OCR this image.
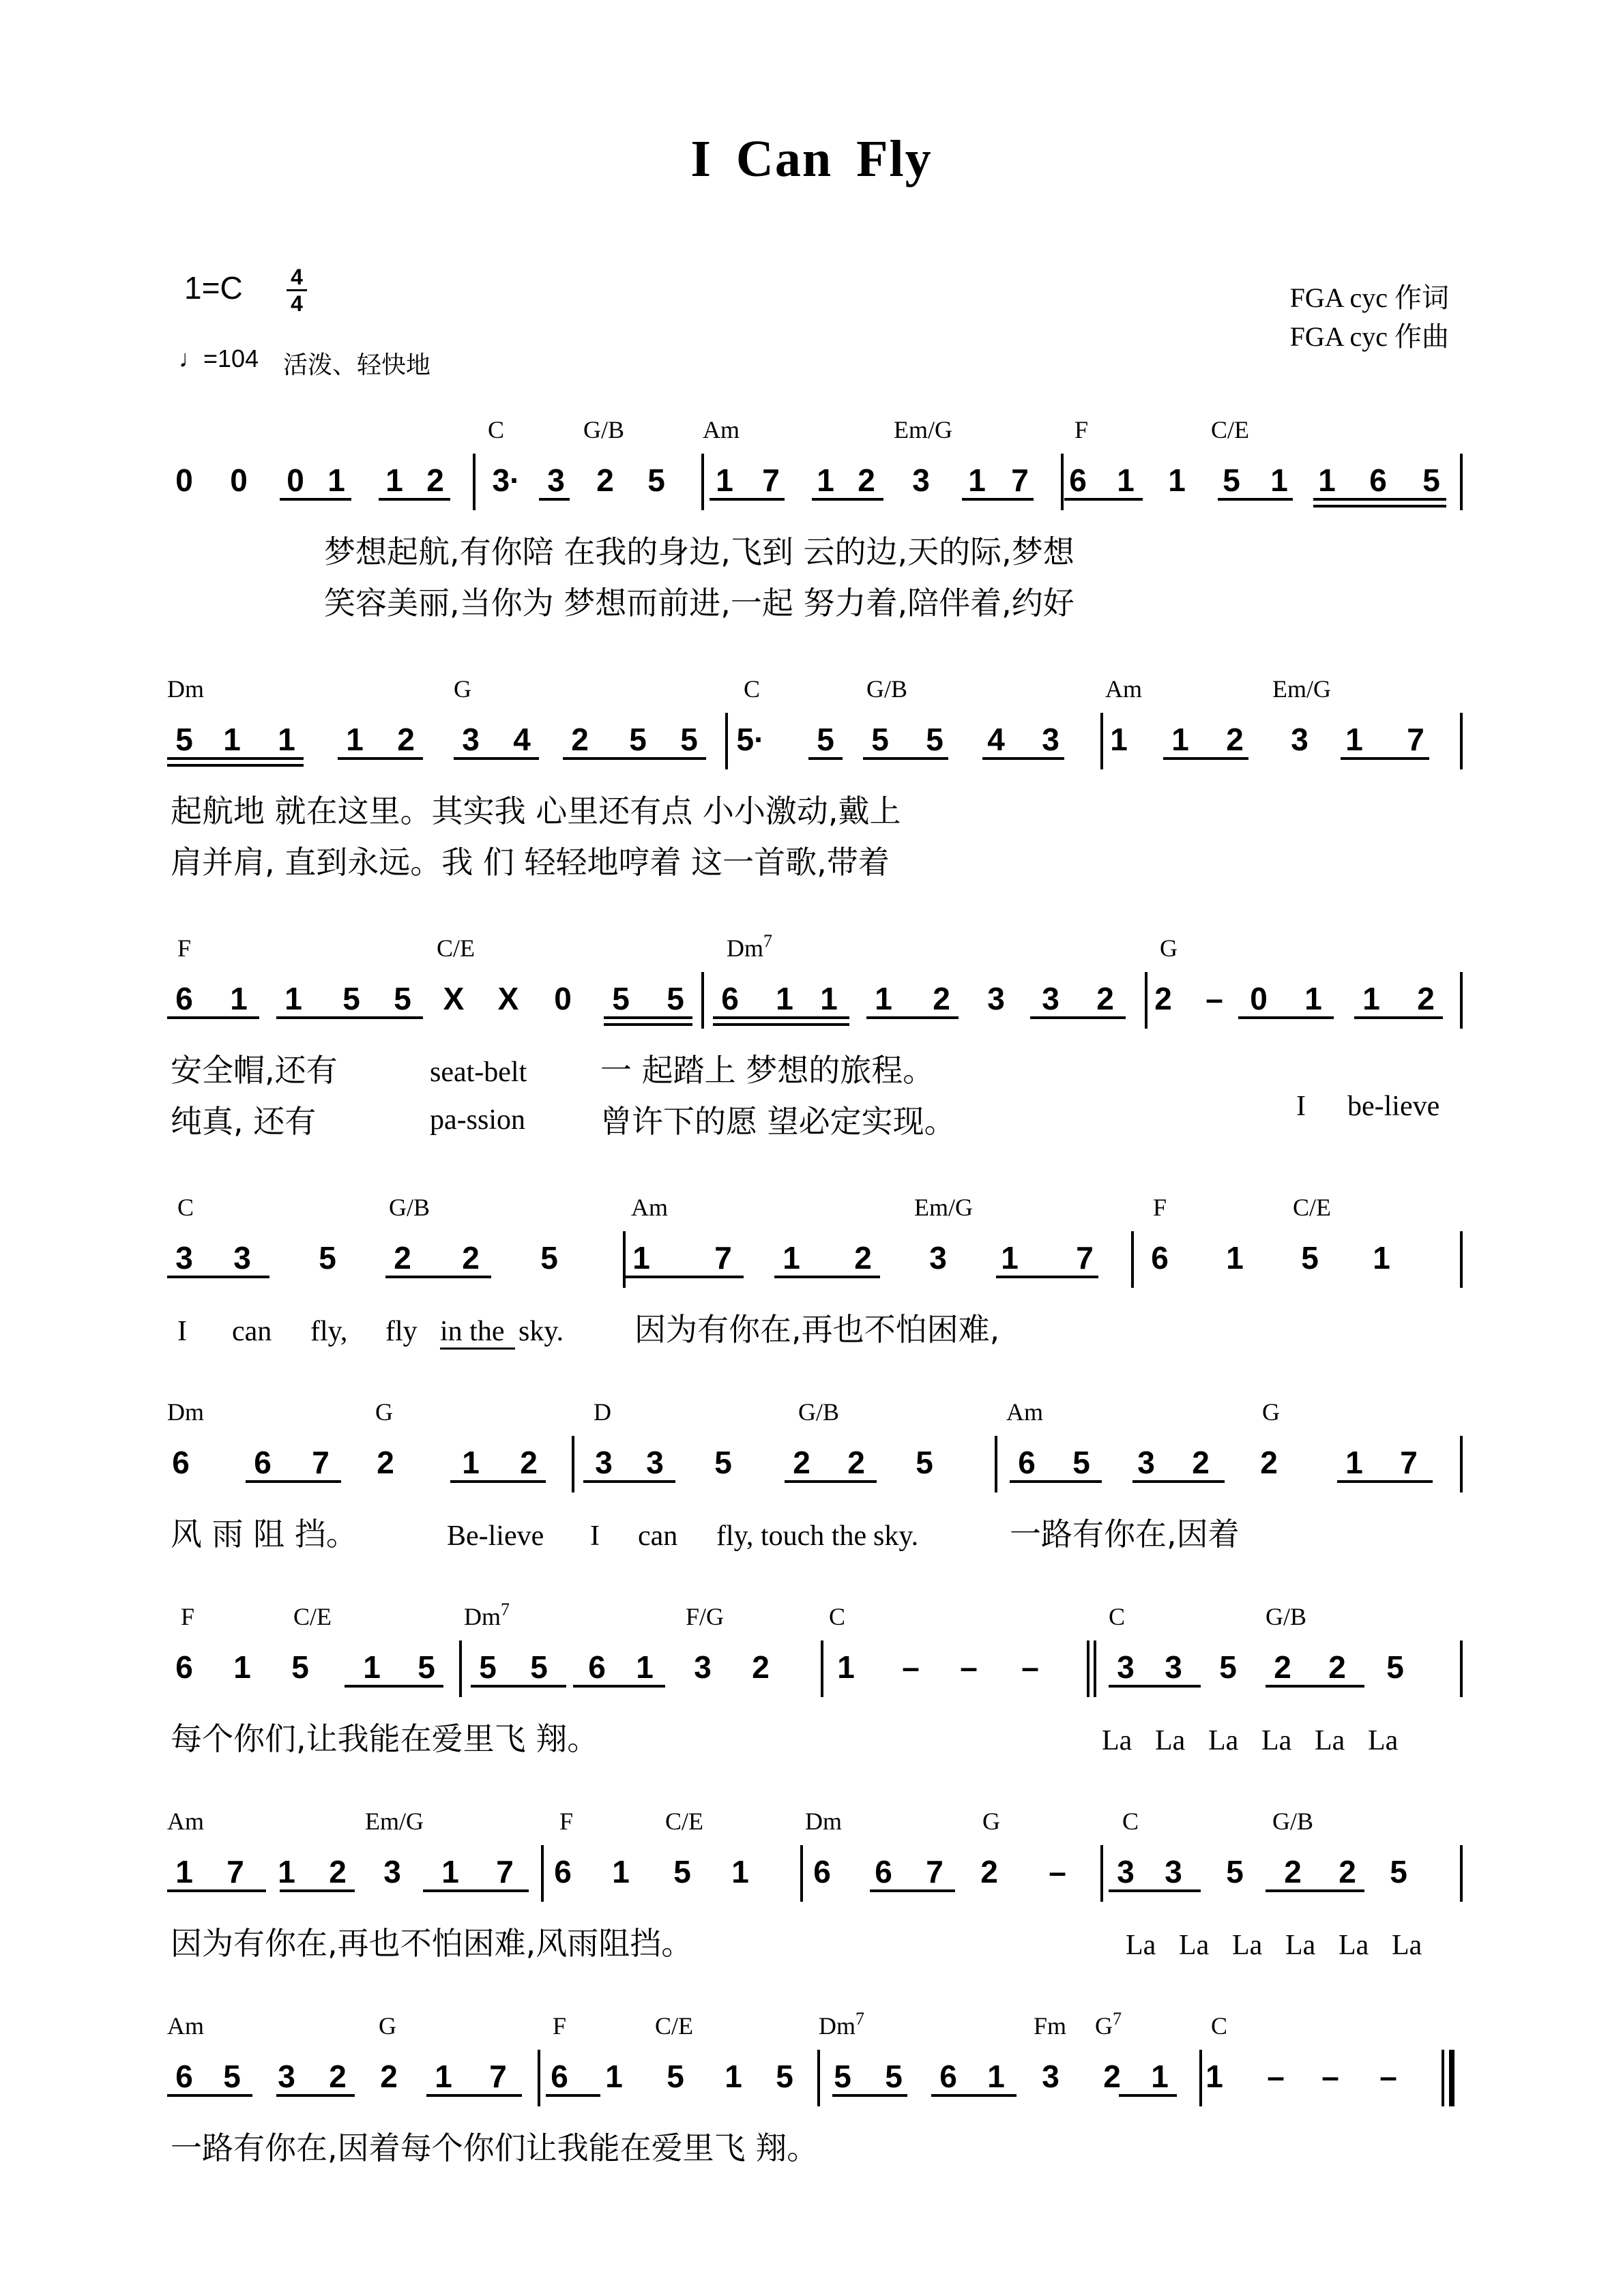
I Can Fly
1=C 4
4
♩=104 活泼、轻快地
FGA cyc 作词
FGA cyc 作曲
C	G/B	Am	Em/G	F	C/E
0 0 0 1 1 2 3· 3 2 5 1 7 1 2 3 1 7 6 1 1 5 1 1 6 5
梦想起航,有你陪 在我的身边,飞到 云的边,天的际,梦想
笑容美丽,当你为 梦想而前进,一起 努力着,陪伴着,约好
Dm	G	C	G/B	Am	Em/G
5 1 1 1 2 3 4 2 5 5 5· 5 5 5 4 3 1 1 2 3 1 7
起航地 就在这里。其实我 心里还有点 小小激动,戴上
肩并肩, 直到永远。我 们 轻轻地哼着 这一首歌,带着
F	C/E	Dm$^7$	G
6 1 1 5 5 X X 0 5 5 6 1 1 1 2 3 3 2 2 – 0 1 1 2
安全帽,还有	seat-belt 一 起踏上 梦想的旅程。
纯真, 还有	pa-ssion 曾许下的愿 望必定实现。	I be-lieve
C	G/B	Am	Em/G	F	C/E
3 3 5 2 2 5 1 7 1 2 3 1 7 6 1 5 1
I can fly, fly in the sky. 因为有你在,再也不怕困难,
Dm	G	D	G/B	Am	G
6 6 7 2 1 2 3 3 5 2 2 5	6 5 3 2 2 1 7
风 雨 阻 挡。	Be-lieve I can fly, touch the sky.	一路有你在,因着
F	C/E	Dm$^7$	F/G	C	C	G/B
6 1 5 1 5 5 5 6 1 3 2 1 – – – 3 3 5 2 2 5
每个你们,让我能在爱里飞 翔。	La La La La La La
Am	Em/G	F	C/E	Dm	G	C	G/B
1 7 1 2 3 1 7 6 1 5 1 6 6 7 2 – 3 3 5 2 2 5
因为有你在,再也不怕困难,风雨阻挡。	La La La La La La
Am	G	F	C/E	Dm$^7$	Fm $G^7$	C
6 5 3 2 2 1 7 6 1 5 1 5 5 5 6 1 3 2 1 1 – – –
一路有你在,因着每个你们让我能在爱里飞 翔。
